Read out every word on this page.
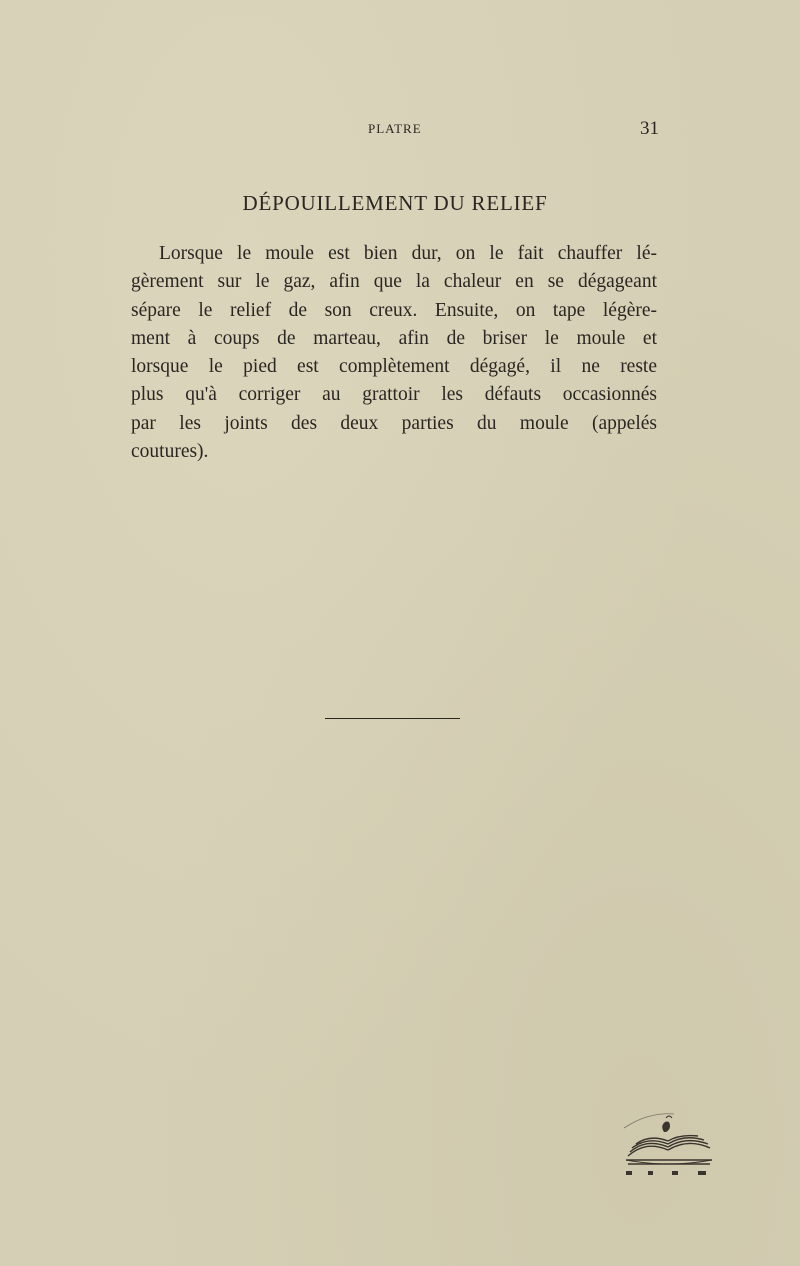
PLATRE	31
DÉPOUILLEMENT DU RELIEF
Lorsque le moule est bien dur, on le fait chauffer lé-
gèrement sur le gaz, afin que la chaleur en se dégageant
sépare le relief de son creux. Ensuite, on tape légère-
ment à coups de marteau, afin de briser le moule et
lorsque le pied est complètement dégagé, il ne reste
plus qu'à corriger au grattoir les défauts occasionnés
par les joints des deux parties du moule (appelés
coutures).
